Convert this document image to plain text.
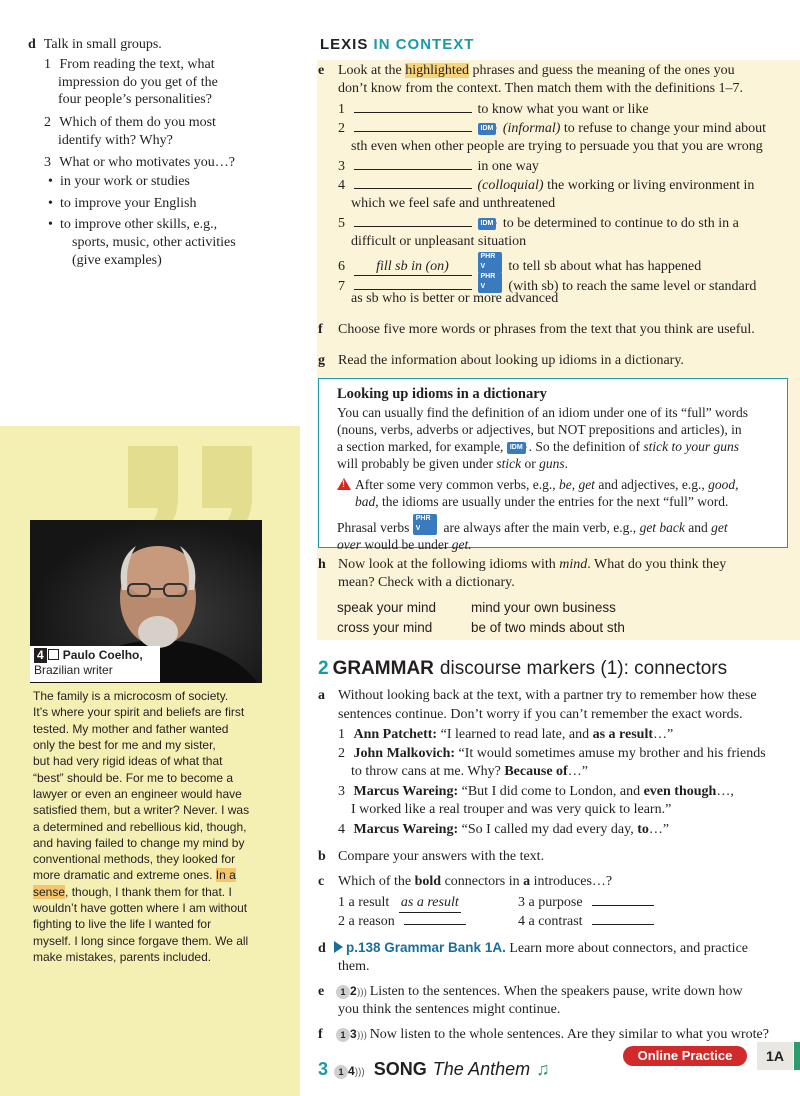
d Talk in small groups.
1 From reading the text, what
impression do you get of the
four people’s personalities?
2 Which of them do you most
identify with? Why?
3 What or who motivates you…?
• in your work or studies
• to improve your English
• to improve other skills, e.g.,
sports, music, other activities
(give examples)
LEXIS IN CONTEXT
e Look at the highlighted phrases and guess the meaning of the ones you
don’t know from the context. Then match them with the definitions 1–7.
1	to know what you want or like
2	IDM (informal) to refuse to change your mind about
sth even when other people are trying to persuade you that you are wrong
3	in one way
4	(colloquial) the working or living environment in
which we feel safe and unthreatened
5	IDM to be determined to continue to do sth in a
difficult or unpleasant situation
6 fill sb in (on)PHR V to tell sb about what has happened
7 PHR V (with sb) to reach the same level or standard
as sb who is better or more advanced
f Choose five more words or phrases from the text that you think are useful.
g Read the information about looking up idioms in a dictionary.
Looking up idioms in a dictionary
You can usually find the definition of an idiom under one of its “full” words
(nouns, verbs, adverbs or adjectives, but NOT prepositions and articles), in
a section marked, for example, IDM . So the definition of stick to your guns
will probably be given under stick or guns.
!After some very common verbs, e.g., be, get and adjectives, e.g., good,
bad, the idioms are usually under the entries for the next “full” word.
Phrasal verbs PHR V are always after the main verb, e.g., get back and get
over would be under get.
h Now look at the following idioms with mind. What do you think they
mean? Check with a dictionary.
speak your mind	mind your own business
cross your mind	be of two minds about sth
4 Paulo Coelho,
Brazilian writer
The family is a microcosm of society.
It’s where your spirit and beliefs are first
tested. My mother and father wanted
only the best for me and my sister,
but had very rigid ideas of what that
“best” should be. For me to become a
lawyer or even an engineer would have
satisfied them, but a writer? Never. I was
a determined and rebellious kid, though,
and having failed to change my mind by
conventional methods, they looked for
more dramatic and extreme ones. In a
sense, though, I thank them for that. I
wouldn’t have gotten where I am without
fighting to live the life I wanted for
myself. I long since forgave them. We all
make mistakes, parents included.
2 GRAMMAR discourse markers (1): connectors
a Without looking back at the text, with a partner try to remember how these
sentences continue. Don’t worry if you can’t remember the exact words.
1 Ann Patchett: “I learned to read late, and as a result…”
2 John Malkovich: “It would sometimes amuse my brother and his friends
to throw cans at me. Why? Because of…”
3 Marcus Wareing: “But I did come to London, and even though…,
I worked like a real trouper and was very quick to learn.”
4 Marcus Wareing: “So I called my dad every day, to…”
b Compare your answers with the text.
c Which of the bold connectors in a introduces…?
1 a result as a result	3 a purpose
2 a reason	4 a contrast
d	p.138 Grammar Bank 1A. Learn more about connectors, and practice
them.
e	1 2))) Listen to the sentences. When the speakers pause, write down how
you think the sentences might continue.
f	1 3))) Now listen to the whole sentences. Are they similar to what you wrote?
Online Practice	1A
3 1 4))) SONG The Anthem ♫
